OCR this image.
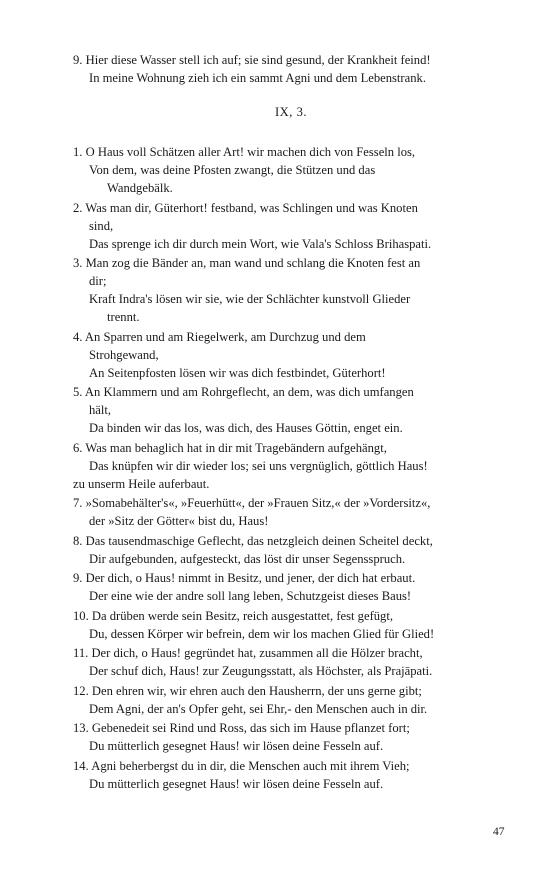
9. Hier diese Wasser stell ich auf; sie sind gesund, der Krankheit feind!
In meine Wohnung zieh ich ein sammt Agni und dem Lebenstrank.
IX, 3.
1. O Haus voll Schätzen aller Art! wir machen dich von Fesseln los,
Von dem, was deine Pfosten zwangt, die Stützen und das
Wandgebälk.
2. Was man dir, Güterhort! festband, was Schlingen und was Knoten
sind,
Das sprenge ich dir durch mein Wort, wie Vala's Schloss Brihaspati.
3. Man zog die Bänder an, man wand und schlang die Knoten fest an
dir;
Kraft Indra's lösen wir sie, wie der Schlächter kunstvoll Glieder
trennt.
4. An Sparren und am Riegelwerk, am Durchzug und dem
Strohgewand,
An Seitenpfosten lösen wir was dich festbindet, Güterhort!
5. An Klammern und am Rohrgeflecht, an dem, was dich umfangen
hält,
Da binden wir das los, was dich, des Hauses Göttin, enget ein.
6. Was man behaglich hat in dir mit Tragebändern aufgehängt,
Das knüpfen wir dir wieder los; sei uns vergnüglich, göttlich Haus!
zu unserm Heile auferbaut.
7. »Somabehälter's«, »Feuerhütt«, der »Frauen Sitz,« der »Vordersitz«,
der »Sitz der Götter« bist du, Haus!
8. Das tausendmaschige Geflecht, das netzgleich deinen Scheitel deckt,
Dir aufgebunden, aufgesteckt, das löst dir unser Segensspruch.
9. Der dich, o Haus! nimmt in Besitz, und jener, der dich hat erbaut.
Der eine wie der andre soll lang leben, Schutzgeist dieses Baus!
10. Da drüben werde sein Besitz, reich ausgestattet, fest gefügt,
Du, dessen Körper wir befrein, dem wir los machen Glied für Glied!
11. Der dich, o Haus! gegründet hat, zusammen all die Hölzer bracht,
Der schuf dich, Haus! zur Zeugungsstatt, als Höchster, als Prajāpati.
12. Den ehren wir, wir ehren auch den Hausherrn, der uns gerne gibt;
Dem Agni, der an's Opfer geht, sei Ehr,- den Menschen auch in dir.
13. Gebenedeit sei Rind und Ross, das sich im Hause pflanzet fort;
Du mütterlich gesegnet Haus! wir lösen deine Fesseln auf.
14. Agni beherbergst du in dir, die Menschen auch mit ihrem Vieh;
Du mütterlich gesegnet Haus! wir lösen deine Fesseln auf.
47
